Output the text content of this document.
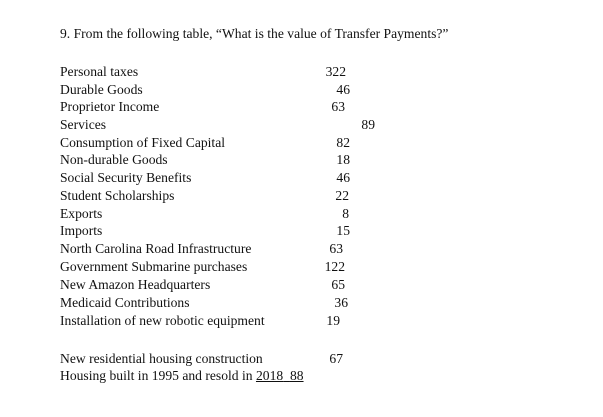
9. From the following table, “What is the value of Transfer Payments?”
Personal taxes	322
Durable Goods	46
Proprietor Income	63
Services	89
Consumption of Fixed Capital	82
Non-durable Goods	18
Social Security Benefits	46
Student Scholarships	22
Exports	8
Imports	15
North Carolina Road Infrastructure	63
Government Submarine purchases	122
New Amazon Headquarters	65
Medicaid Contributions	36
Installation of new robotic equipment	19
New residential housing construction	67
Housing built in 1995 and resold in 2018 88
